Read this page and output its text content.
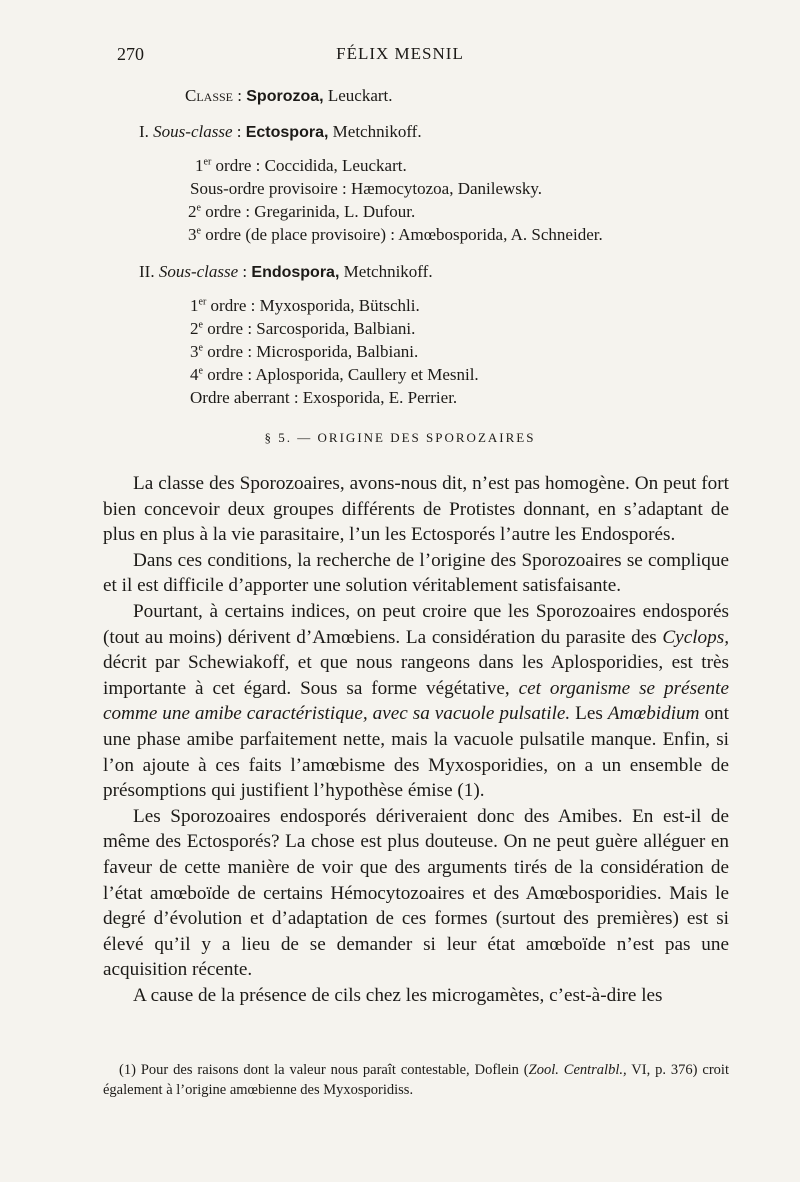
270	FÉLIX MESNIL
Classe : Sporozoa, Leuckart.
I. Sous-classe : Ectospora, Metchnikoff.
1er ordre : Coccidida, Leuckart.
Sous-ordre provisoire : Hæmocytozoa, Danilewsky.
2e ordre : Gregarinida, L. Dufour.
3e ordre (de place provisoire) : Amœbosporida, A. Schneider.
II. Sous-classe : Endospora, Metchnikoff.
1er ordre : Myxosporida, Bütschli.
2e ordre : Sarcosporida, Balbiani.
3e ordre : Microsporida, Balbiani.
4e ordre : Aplosporida, Caullery et Mesnil.
Ordre aberrant : Exosporida, E. Perrier.
§ 5. — ORIGINE DES SPOROZAIRES

La classe des Sporozoaires, avons-nous dit, n’est pas homogène. On peut fort bien concevoir deux groupes différents de Protistes donnant, en s’adaptant de plus en plus à la vie parasitaire, l’un les Ectosporés l’autre les Endosporés.

Dans ces conditions, la recherche de l’origine des Sporozoaires se complique et il est difficile d’apporter une solution véritablement satisfaisante.

Pourtant, à certains indices, on peut croire que les Sporozoaires endosporés (tout au moins) dérivent d’Amœbiens. La considération du parasite des Cyclops, décrit par Schewiakoff, et que nous rangeons dans les Aplosporidies, est très importante à cet égard. Sous sa forme végétative, cet organisme se présente comme une amibe caractéristique, avec sa vacuole pulsatile. Les Amœbidium ont une phase amibe parfaitement nette, mais la vacuole pulsatile manque. Enfin, si l’on ajoute à ces faits l’amœbisme des Myxosporidies, on a un ensemble de présomptions qui justifient l’hypothèse émise (1).

Les Sporozoaires endosporés dériveraient donc des Amibes. En est-il de même des Ectosporés? La chose est plus douteuse. On ne peut guère alléguer en faveur de cette manière de voir que des arguments tirés de la considération de l’état amœboïde de certains Hémocytozoaires et des Amœbosporidies. Mais le degré d’évolution et d’adaptation de ces formes (surtout des premières) est si élevé qu’il y a lieu de se demander si leur état amœboïde n’est pas une acquisition récente.

A cause de la présence de cils chez les microgamètes, c’est-à-dire les

(1) Pour des raisons dont la valeur nous paraît contestable, Doflein (Zool. Centralbl., VI, p. 376) croit également à l’origine amœbienne des Myxosporidiss.
